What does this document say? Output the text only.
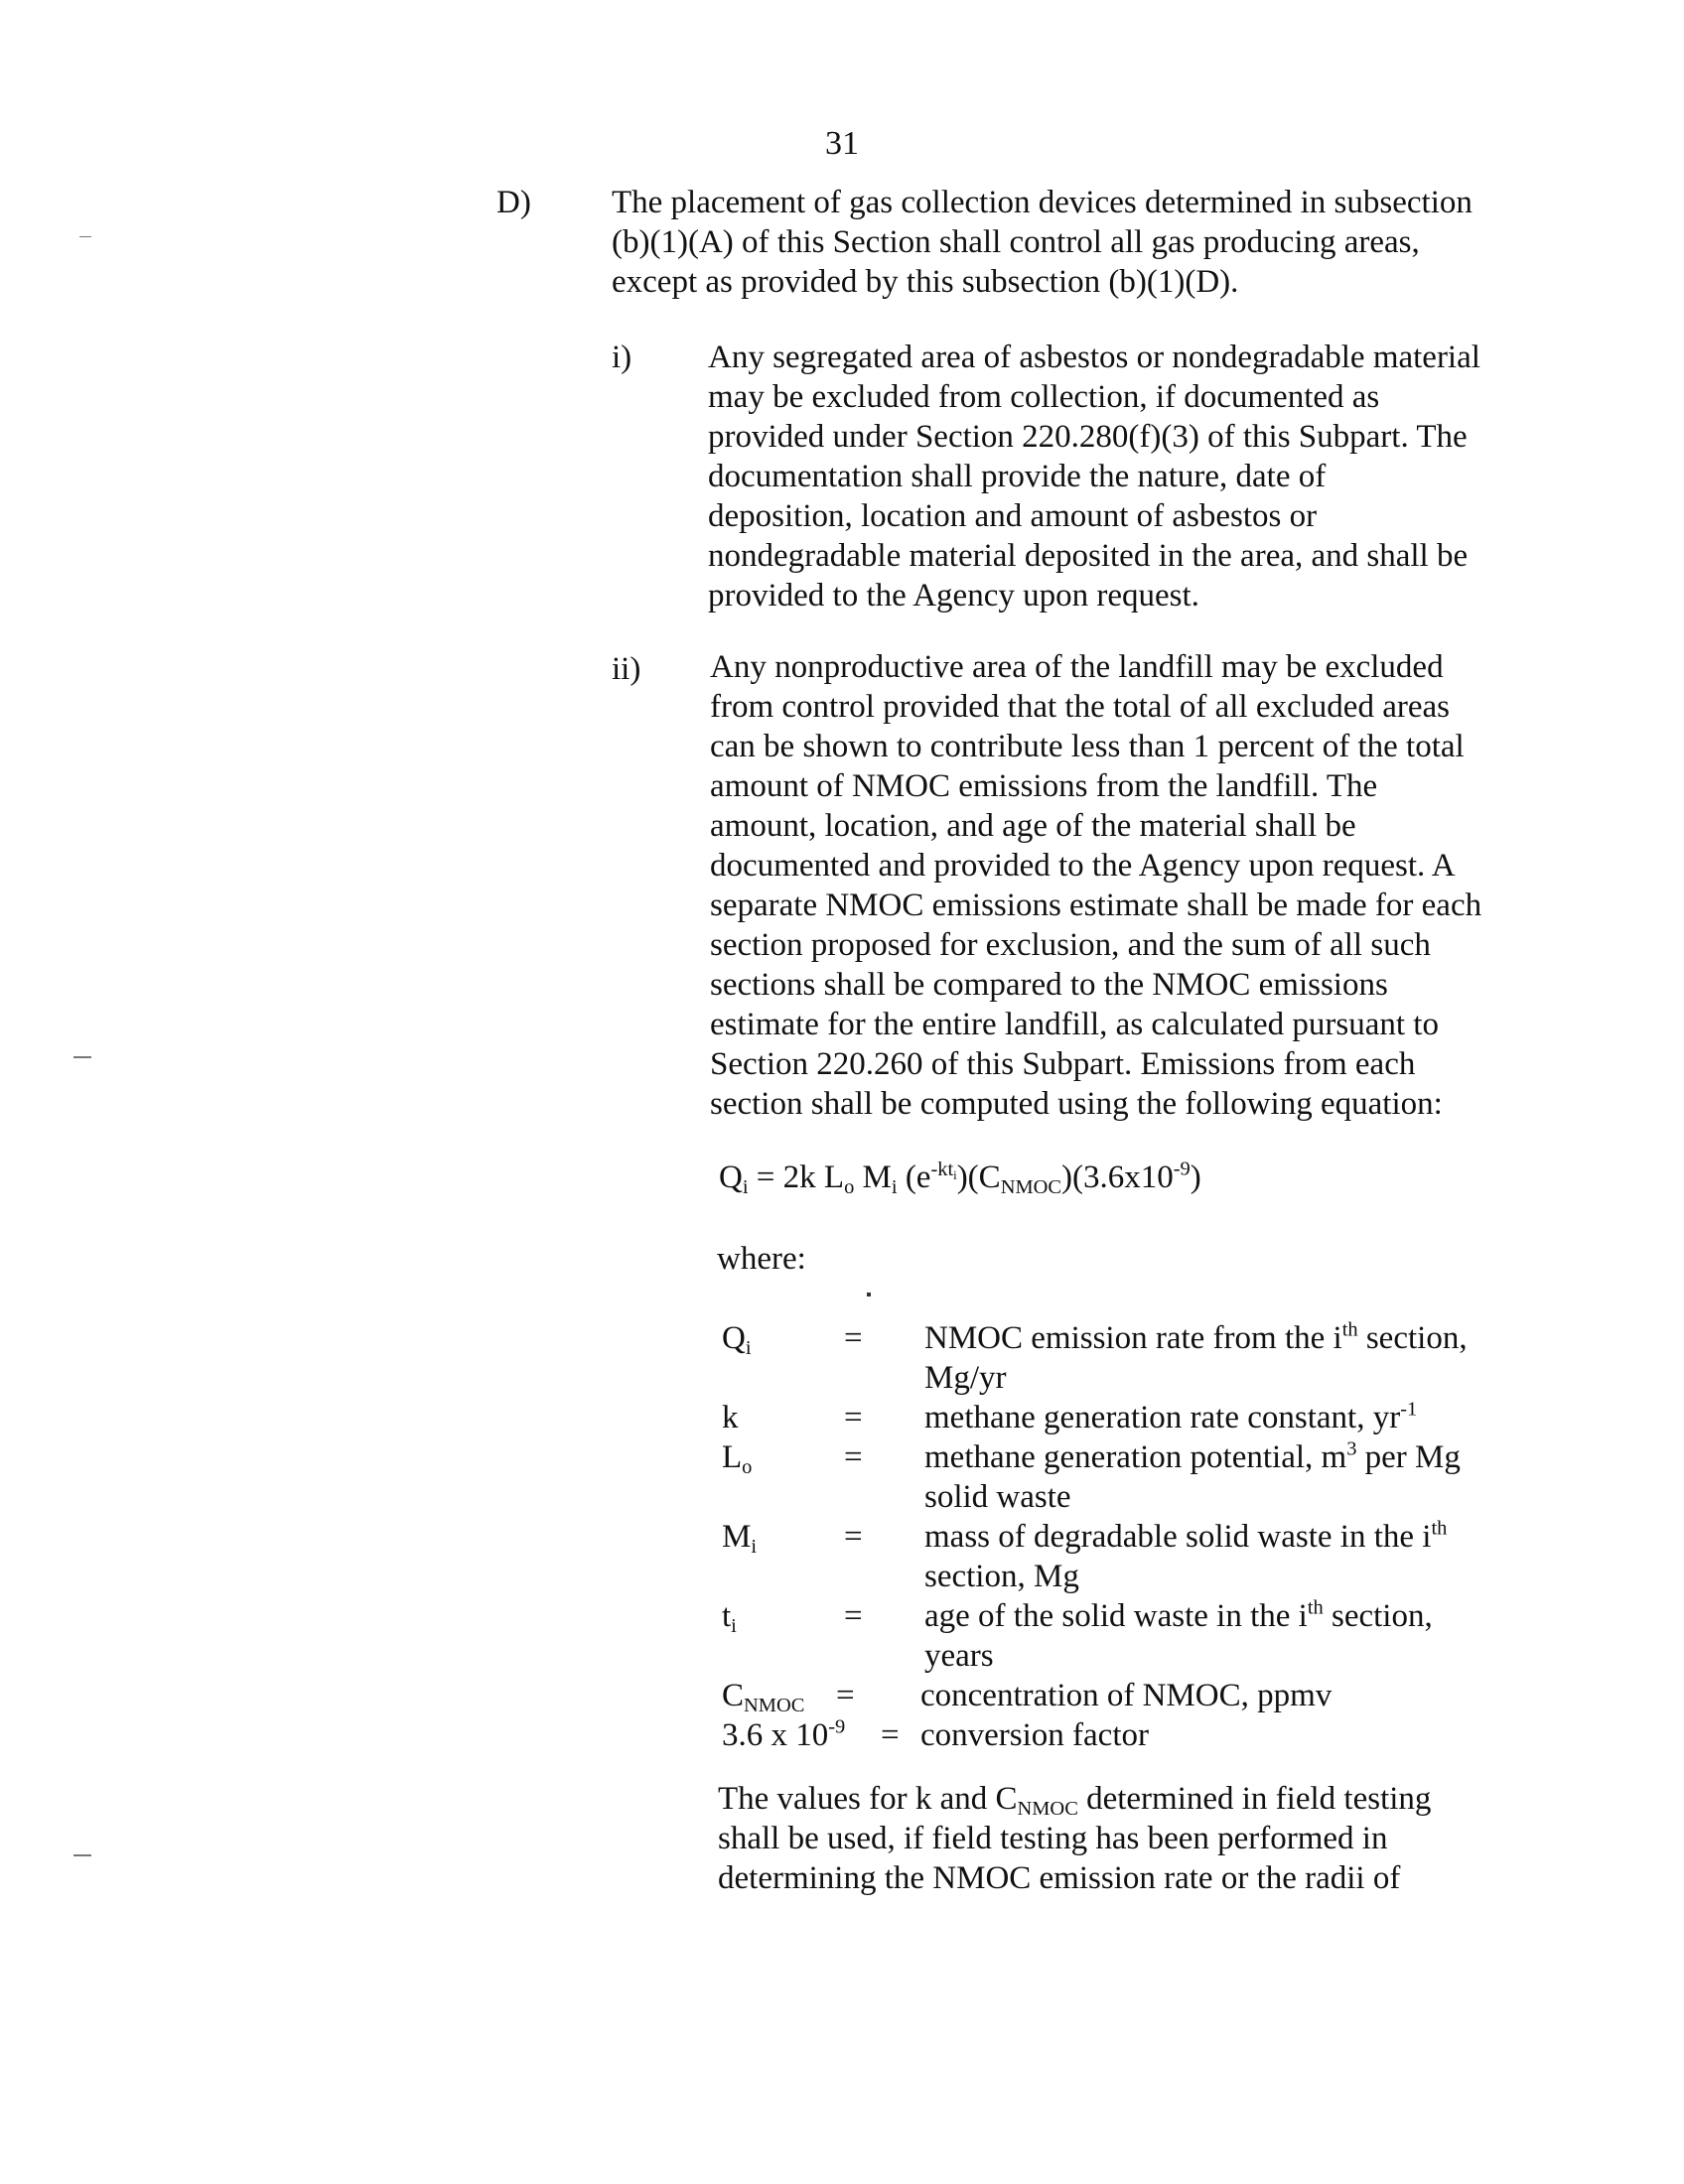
31
D) The placement of gas collection devices determined in subsection
(b)(1)(A) of this Section shall control all gas producing areas,
except as provided by this subsection (b)(1)(D).
i) Any segregated area of asbestos or nondegradable material
may be excluded from collection, if documented as
provided under Section 220.280(f)(3) of this Subpart. The
documentation shall provide the nature, date of
deposition, location and amount of asbestos or
nondegradable material deposited in the area, and shall be
provided to the Agency upon request.
ii) Any nonproductive area of the landfill may be excluded
from control provided that the total of all excluded areas
can be shown to contribute less than 1 percent of the total
amount of NMOC emissions from the landfill. The
amount, location, and age of the material shall be
documented and provided to the Agency upon request. A
separate NMOC emissions estimate shall be made for each
section proposed for exclusion, and the sum of all such
sections shall be compared to the NMOC emissions
estimate for the entire landfill, as calculated pursuant to
Section 220.260 of this Subpart. Emissions from each
section shall be computed using the following equation:
$Q_i = 2k$ $L_o$ $M_i$ $(e^{-kt_i})(C_{NMOC})(3.6x10^{-9})$
where:
$Q_i$	= NMOC emission rate from the $i^{th}$ section,
Mg/yr
k	= methane generation rate constant, $yr^{-1}$
$L_o$	= methane generation potential, $m^3$ per Mg
solid waste
$M_i$	= mass of degradable solid waste in the $i^{th}$
section, Mg
$t_i$	= age of the solid waste in the $i^{th}$ section,
years
$C_{NMOC}$ = concentration of NMOC, ppmv
3.6 x $10^{-9}$ = conversion factor
The values for k and $C_{NMOC}$ determined in field testing
shall be used, if field testing has been performed in
determining the NMOC emission rate or the radii of
